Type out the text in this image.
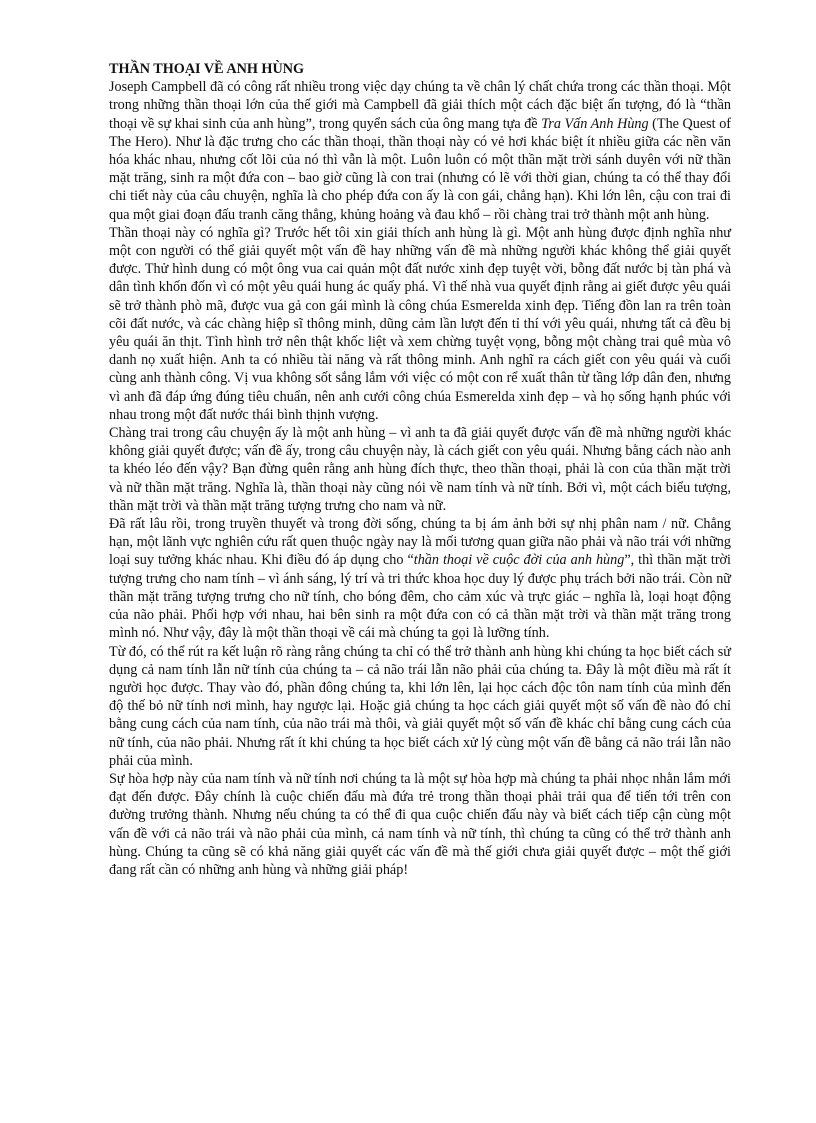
THẦN THOẠI VỀ ANH HÙNG

Joseph Campbell đã có công rất nhiều trong việc dạy chúng ta về chân lý chất chứa trong các thần thoại. Một trong những thần thoại lớn của thế giới mà Campbell đã giải thích một cách đặc biệt ấn tượng, đó là “thần thoại về sự khai sinh của anh hùng”, trong quyển sách của ông mang tựa đề Tra Vấn Anh Hùng (The Quest of The Hero). Như là đặc trưng cho các thần thoại, thần thoại này có vẻ hơi khác biệt ít nhiều giữa các nền văn hóa khác nhau, nhưng cốt lõi của nó thì vẫn là một. Luôn luôn có một thần mặt trời sánh duyên với nữ thần mặt trăng, sinh ra một đứa con – bao giờ cũng là con trai (nhưng có lẽ với thời gian, chúng ta có thể thay đổi chi tiết này của câu chuyện, nghĩa là cho phép đứa con ấy là con gái, chẳng hạn). Khi lớn lên, cậu con trai đi qua một giai đoạn đấu tranh căng thẳng, khủng hoảng và đau khổ – rồi chàng trai trở thành một anh hùng.

Thần thoại này có nghĩa gì? Trước hết tôi xin giải thích anh hùng là gì. Một anh hùng được định nghĩa như một con người có thể giải quyết một vấn đề hay những vấn đề mà những người khác không thể giải quyết được. Thử hình dung có một ông vua cai quản một đất nước xinh đẹp tuyệt vời, bỗng đất nước bị tàn phá và dân tình khốn đốn vì có một yêu quái hung ác quấy phá. Vì thế nhà vua quyết định rằng ai giết được yêu quái sẽ trở thành phò mã, được vua gả con gái mình là công chúa Esmerelda xinh đẹp. Tiếng đồn lan ra trên toàn cõi đất nước, và các chàng hiệp sĩ thông minh, dũng cảm lần lượt đến tỉ thí với yêu quái, nhưng tất cả đều bị yêu quái ăn thịt. Tình hình trở nên thật khốc liệt và xem chừng tuyệt vọng, bỗng một chàng trai quê mùa vô danh nọ xuất hiện. Anh ta có nhiều tài năng và rất thông minh. Anh nghĩ ra cách giết con yêu quái và cuối cùng anh thành công. Vị vua không sốt sắng lắm với việc có một con rể xuất thân từ tầng lớp dân đen, nhưng vì anh đã đáp ứng đúng tiêu chuẩn, nên anh cưới công chúa Esmerelda xinh đẹp – và họ sống hạnh phúc với nhau trong một đất nước thái bình thịnh vượng.

Chàng trai trong câu chuyện ấy là một anh hùng – vì anh ta đã giải quyết được vấn đề mà những người khác không giải quyết được; vấn đề ấy, trong câu chuyện này, là cách giết con yêu quái. Nhưng bằng cách nào anh ta khéo léo đến vậy? Bạn đừng quên rằng anh hùng đích thực, theo thần thoại, phải là con của thần mặt trời và nữ thần mặt trăng. Nghĩa là, thần thoại này cũng nói về nam tính và nữ tính. Bởi vì, một cách biểu tượng, thần mặt trời và thần mặt trăng tượng trưng cho nam và nữ.

Đã rất lâu rồi, trong truyền thuyết và trong đời sống, chúng ta bị ám ảnh bởi sự nhị phân nam / nữ. Chẳng hạn, một lãnh vực nghiên cứu rất quen thuộc ngày nay là mối tương quan giữa não phải và não trái với những loại suy tưởng khác nhau. Khi điều đó áp dụng cho “thần thoại về cuộc đời của anh hùng”, thì thần mặt trời tượng trưng cho nam tính – vì ánh sáng, lý trí và tri thức khoa học duy lý được phụ trách bởi não trái. Còn nữ thần mặt trăng tượng trưng cho nữ tính, cho bóng đêm, cho cảm xúc và trực giác – nghĩa là, loại hoạt động của não phải. Phối hợp với nhau, hai bên sinh ra một đứa con có cả thần mặt trời và thần mặt trăng trong mình nó. Như vậy, đây là một thần thoại về cái mà chúng ta gọi là lưỡng tính.

Từ đó, có thể rút ra kết luận rõ ràng rằng chúng ta chỉ có thể trở thành anh hùng khi chúng ta học biết cách sử dụng cả nam tính lẫn nữ tính của chúng ta – cả não trái lẫn não phải của chúng ta. Đây là một điều mà rất ít người học được. Thay vào đó, phần đông chúng ta, khi lớn lên, lại học cách độc tôn nam tính của mình đến độ thế bỏ nữ tính nơi mình, hay ngược lại. Hoặc giả chúng ta học cách giải quyết một số vấn đề nào đó chỉ bằng cung cách của nam tính, của não trái mà thôi, và giải quyết một số vấn đề khác chỉ bằng cung cách của nữ tính, của não phải. Nhưng rất ít khi chúng ta học biết cách xử lý cùng một vấn đề bằng cả não trái lẫn não phải của mình.

Sự hòa hợp này của nam tính và nữ tính nơi chúng ta là một sự hòa hợp mà chúng ta phải nhọc nhằn lắm mới đạt đến được. Đây chính là cuộc chiến đấu mà đứa trẻ trong thần thoại phải trải qua để tiến tới trên con đường trưởng thành. Nhưng nếu chúng ta có thể đi qua cuộc chiến đấu này và biết cách tiếp cận cùng một vấn đề với cả não trái và não phải của mình, cả nam tính và nữ tính, thì chúng ta cũng có thể trở thành anh hùng. Chúng ta cũng sẽ có khả năng giải quyết các vấn đề mà thế giới chưa giải quyết được – một thế giới đang rất cần có những anh hùng và những giải pháp!
